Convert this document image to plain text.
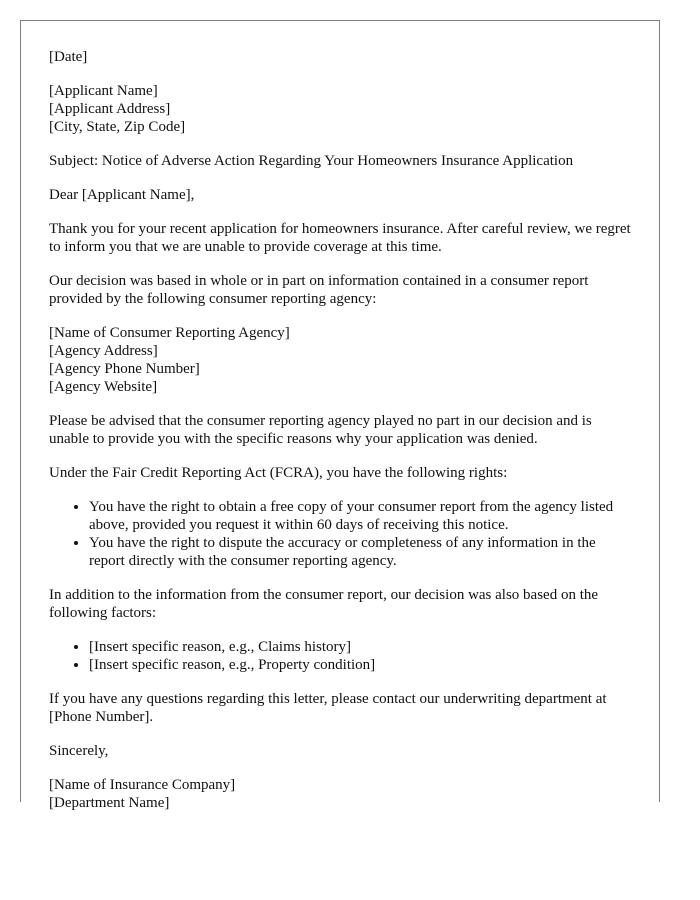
[Date]

[Applicant Name]
[Applicant Address]
[City, State, Zip Code]

Subject: Notice of Adverse Action Regarding Your Homeowners Insurance Application

Dear [Applicant Name],

Thank you for your recent application for homeowners insurance. After careful review, we regret to inform you that we are unable to provide coverage at this time.

Our decision was based in whole or in part on information contained in a consumer report provided by the following consumer reporting agency:

[Name of Consumer Reporting Agency]
[Agency Address]
[Agency Phone Number]
[Agency Website]

Please be advised that the consumer reporting agency played no part in our decision and is unable to provide you with the specific reasons why your application was denied.

Under the Fair Credit Reporting Act (FCRA), you have the following rights:

• You have the right to obtain a free copy of your consumer report from the agency listed above, provided you request it within 60 days of receiving this notice.
• You have the right to dispute the accuracy or completeness of any information in the report directly with the consumer reporting agency.

In addition to the information from the consumer report, our decision was also based on the following factors:

• [Insert specific reason, e.g., Claims history]
• [Insert specific reason, e.g., Property condition]

If you have any questions regarding this letter, please contact our underwriting department at [Phone Number].

Sincerely,

[Name of Insurance Company]
[Department Name]
